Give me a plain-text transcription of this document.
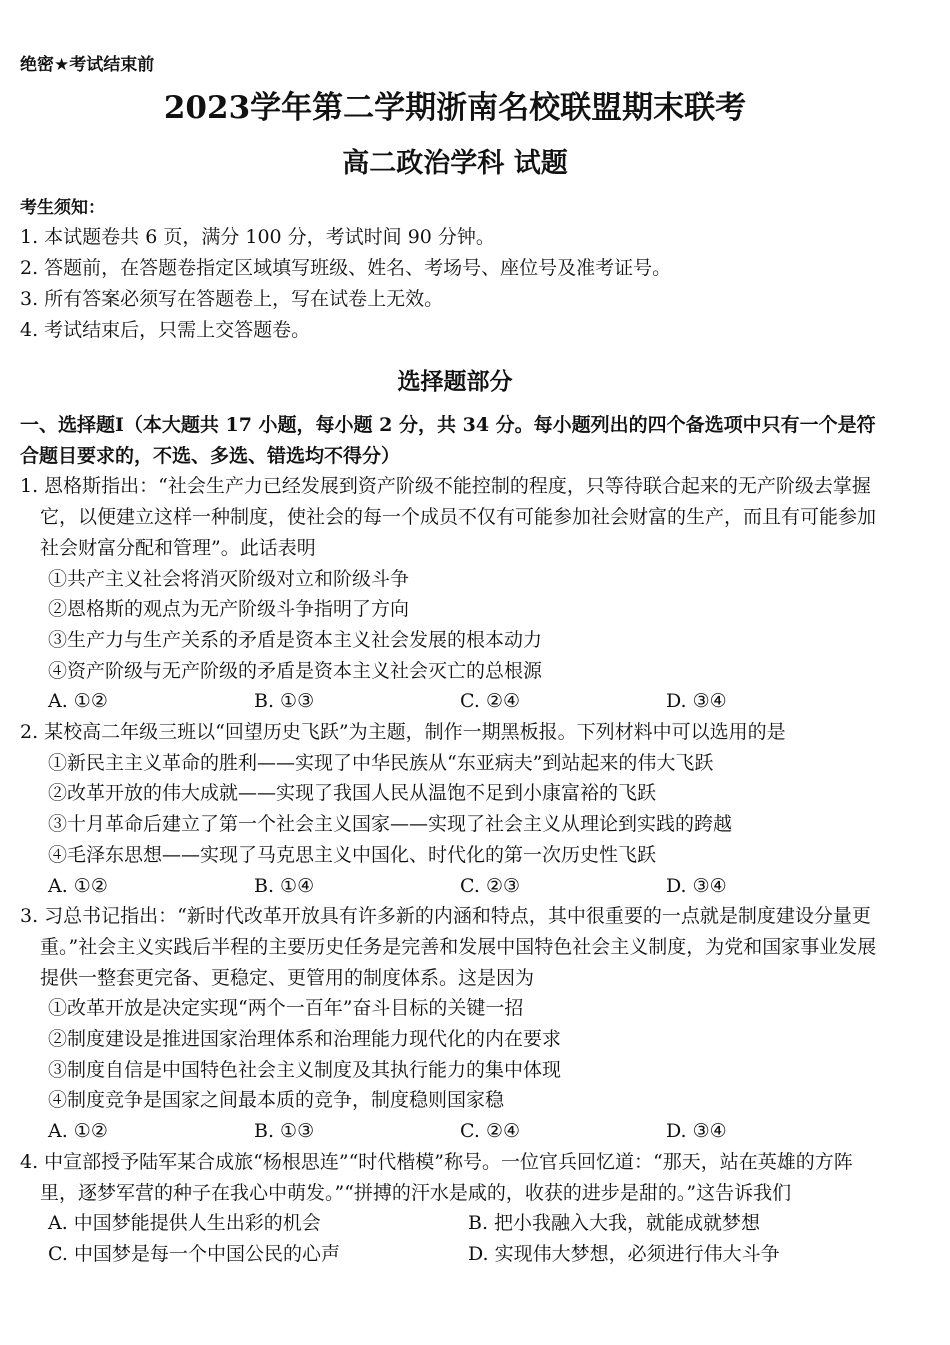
绝密★考试结束前

2023学年第二学期浙南名校联盟期末联考
高二政治学科 试题

考生须知：

1. 本试题卷共 6 页，满分 100 分，考试时间 90 分钟。

2. 答题前，在答题卷指定区域填写班级、姓名、考场号、座位号及准考证号。

3. 所有答案必须写在答题卷上，写在试卷上无效。

4. 考试结束后，只需上交答题卷。

选择题部分

一、选择题Ⅰ（本大题共 17 小题，每小题 2 分，共 34 分。每小题列出的四个备选项中只有一个是符合题目要求的，不选、多选、错选均不得分）

1. 恩格斯指出：“社会生产力已经发展到资产阶级不能控制的程度，只等待联合起来的无产阶级去掌握它，以便建立这样一种制度，使社会的每一个成员不仅有可能参加社会财富的生产，而且有可能参加社会财富分配和管理”。此话表明

①共产主义社会将消灭阶级对立和阶级斗争

②恩格斯的观点为无产阶级斗争指明了方向

③生产力与生产关系的矛盾是资本主义社会发展的根本动力

④资产阶级与无产阶级的矛盾是资本主义社会灭亡的总根源

A. ①②	B. ①③	C. ②④	D. ③④

2. 某校高二年级三班以“回望历史飞跃”为主题，制作一期黑板报。下列材料中可以选用的是

①新民主主义革命的胜利——实现了中华民族从“东亚病夫”到站起来的伟大飞跃

②改革开放的伟大成就——实现了我国人民从温饱不足到小康富裕的飞跃

③十月革命后建立了第一个社会主义国家——实现了社会主义从理论到实践的跨越

④毛泽东思想——实现了马克思主义中国化、时代化的第一次历史性飞跃

A. ①②	B. ①④	C. ②③	D. ③④

3. 习总书记指出：“新时代改革开放具有许多新的内涵和特点，其中很重要的一点就是制度建设分量更重。”社会主义实践后半程的主要历史任务是完善和发展中国特色社会主义制度，为党和国家事业发展提供一整套更完备、更稳定、更管用的制度体系。这是因为

①改革开放是决定实现“两个一百年”奋斗目标的关键一招

②制度建设是推进国家治理体系和治理能力现代化的内在要求

③制度自信是中国特色社会主义制度及其执行能力的集中体现

④制度竞争是国家之间最本质的竞争，制度稳则国家稳

A. ①②	B. ①③	C. ②④	D. ③④

4. 中宣部授予陆军某合成旅“杨根思连”“时代楷模”称号。一位官兵回忆道：“那天，站在英雄的方阵里，逐梦军营的种子在我心中萌发。”“拼搏的汗水是咸的，收获的进步是甜的。”这告诉我们

A. 中国梦能提供人生出彩的机会	B. 把小我融入大我，就能成就梦想
C. 中国梦是每一个中国公民的心声	D. 实现伟大梦想，必须进行伟大斗争
